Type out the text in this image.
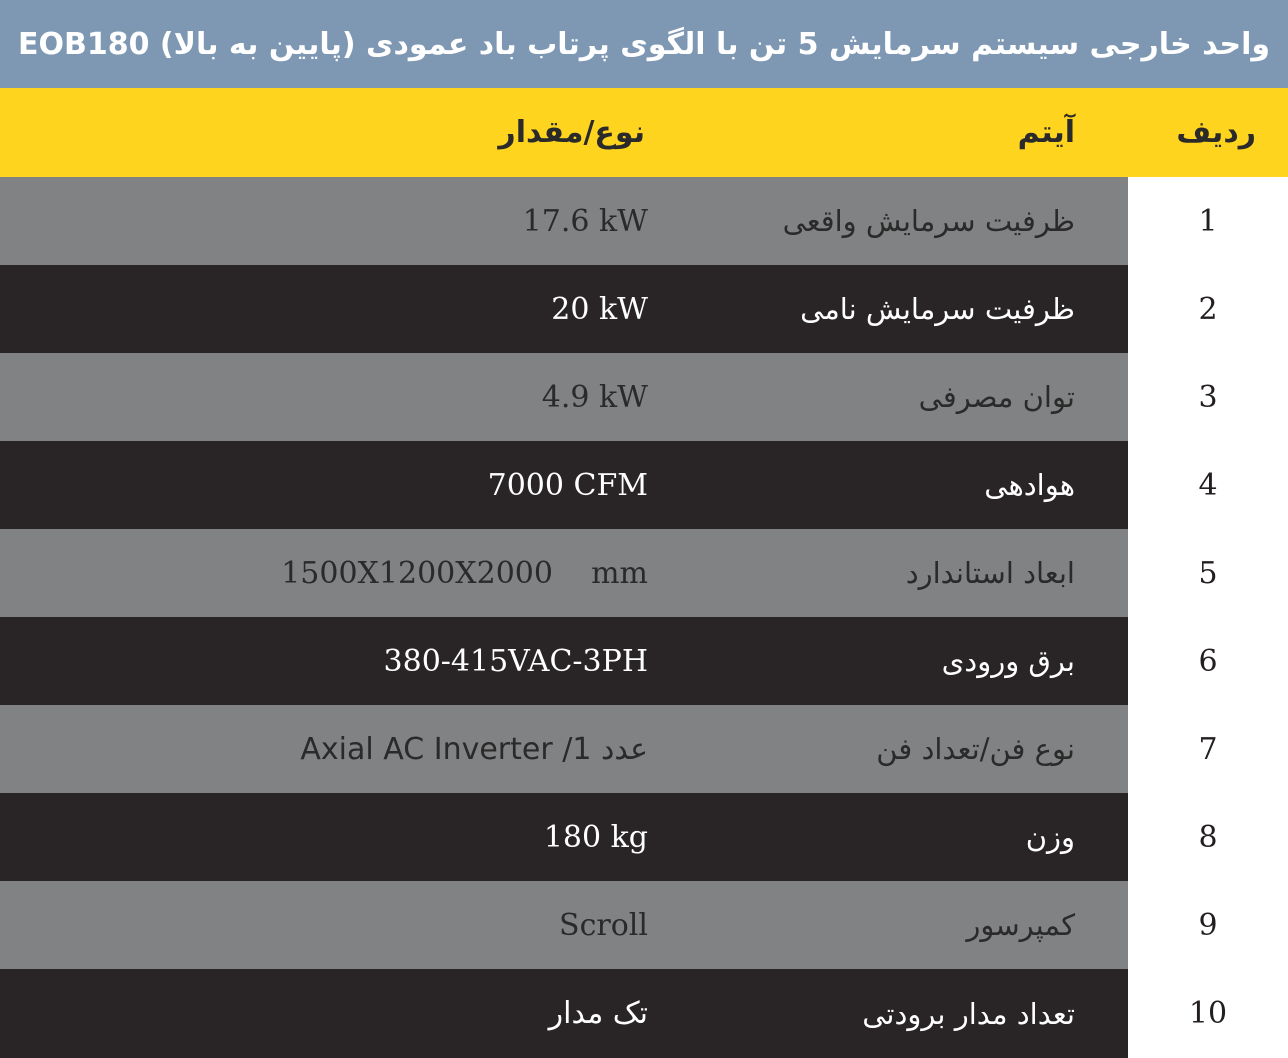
واحد خارجی سیستم سرمایش 5 تن با الگوی پرتاب باد عمودی (پایین به بالا) EOB180
ردیف
آیتم
نوع/مقدار
1
ظرفیت سرمایش واقعی
17.6 kW
2
ظرفیت سرمایش نامی
20 kW
3
توان مصرفی
4.9 kW
4
هوادهی
7000 CFM
5
ابعاد استاندارد
1500X1200X2000    mm
6
برق ورودی
380-415VAC-3PH
7
نوع فن/تعداد فن
عدد 1/ Axial AC Inverter
8
وزن
180 kg
9
کمپرسور
Scroll
10
تعداد مدار برودتی
تک مدار
